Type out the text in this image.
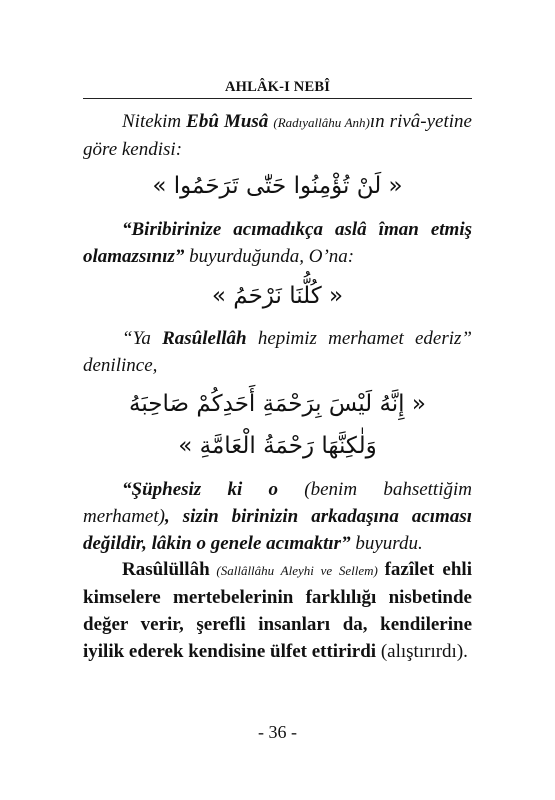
AHLÂK-I NEBÎ
Nitekim Ebû Musâ (Radıyallâhu Anh)ın rivâ-yetine göre kendisi:
« لَنْ تُؤْمِنُوا حَتّٰى تَرَحَمُوا »
“Biribirinize acımadıkça aslâ îman etmiş olamazsınız” buyurduğunda, O’na:
« كُلُّنَا نَرْحَمُ »
“Ya Rasûlellâh hepimiz merhamet ederiz” denilince,
« إِنَّهُ لَيْسَ بِرَحْمَةِ أَحَدِكُمْ صَاحِبَهُ
وَلٰكِنَّهَا رَحْمَةُ الْعَامَّةِ »
“Şüphesiz ki o (benim bahsettiğim merhamet), sizin birinizin arkadaşına acıması değildir, lâkin o genele acımaktır” buyurdu.
Rasûlüllâh (Sallâllâhu Aleyhi ve Sellem) fazîlet ehli kimselere mertebelerinin farklılığı nisbetinde değer verir, şerefli insanları da, kendilerine iyilik ederek kendisine ülfet ettirirdi (alıştırırdı).
- 36 -
